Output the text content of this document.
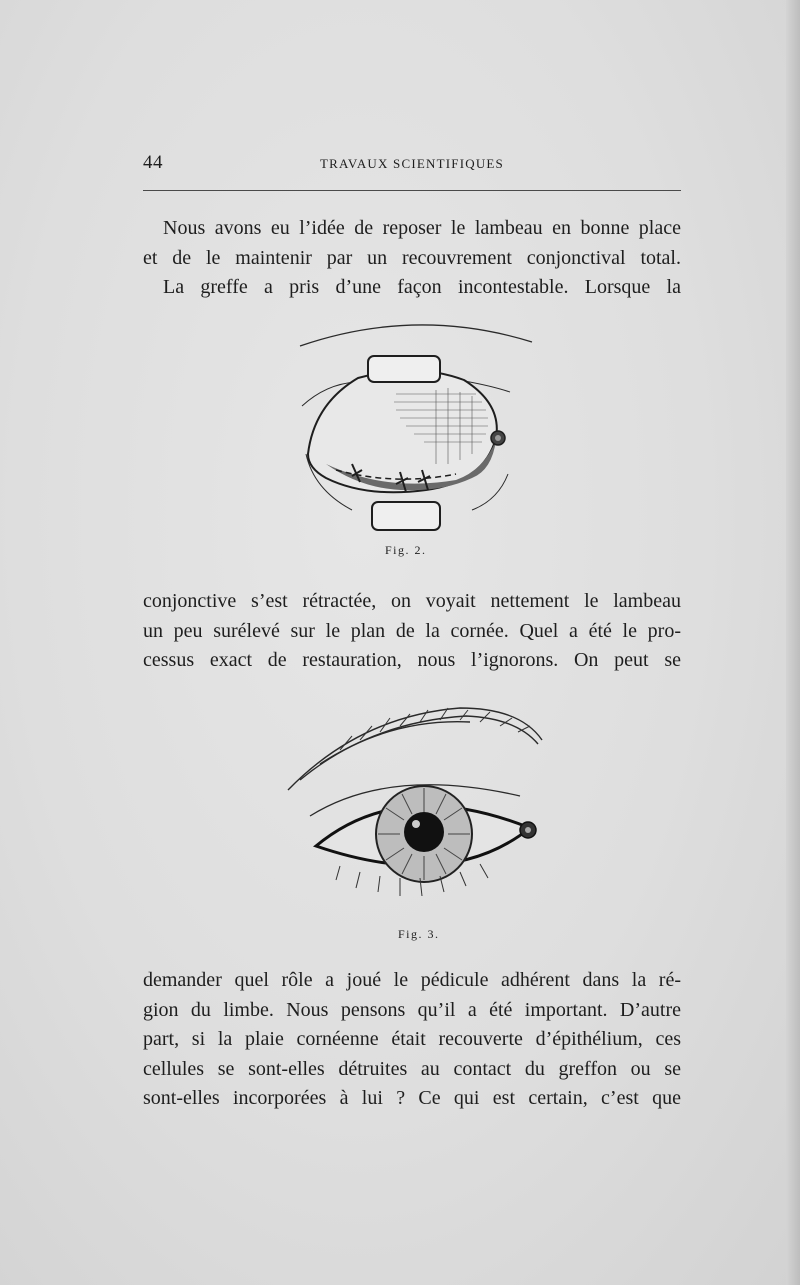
44	TRAVAUX SCIENTIFIQUES
Nous avons eu l’idée de reposer le lambeau en bonne place
et de le maintenir par un recouvrement conjonctival total.
La greffe a pris d’une façon incontestable. Lorsque la
Fig. 2.
conjonctive s’est rétractée, on voyait nettement le lambeau
un peu surélevé sur le plan de la cornée. Quel a été le pro-
cessus exact de restauration, nous l’ignorons. On peut se
Fig. 3.
demander quel rôle a joué le pédicule adhérent dans la ré-
gion du limbe. Nous pensons qu’il a été important. D’autre
part, si la plaie cornéenne était recouverte d’épithélium, ces
cellules se sont-elles détruites au contact du greffon ou se
sont-elles incorporées à lui ? Ce qui est certain, c’est que
